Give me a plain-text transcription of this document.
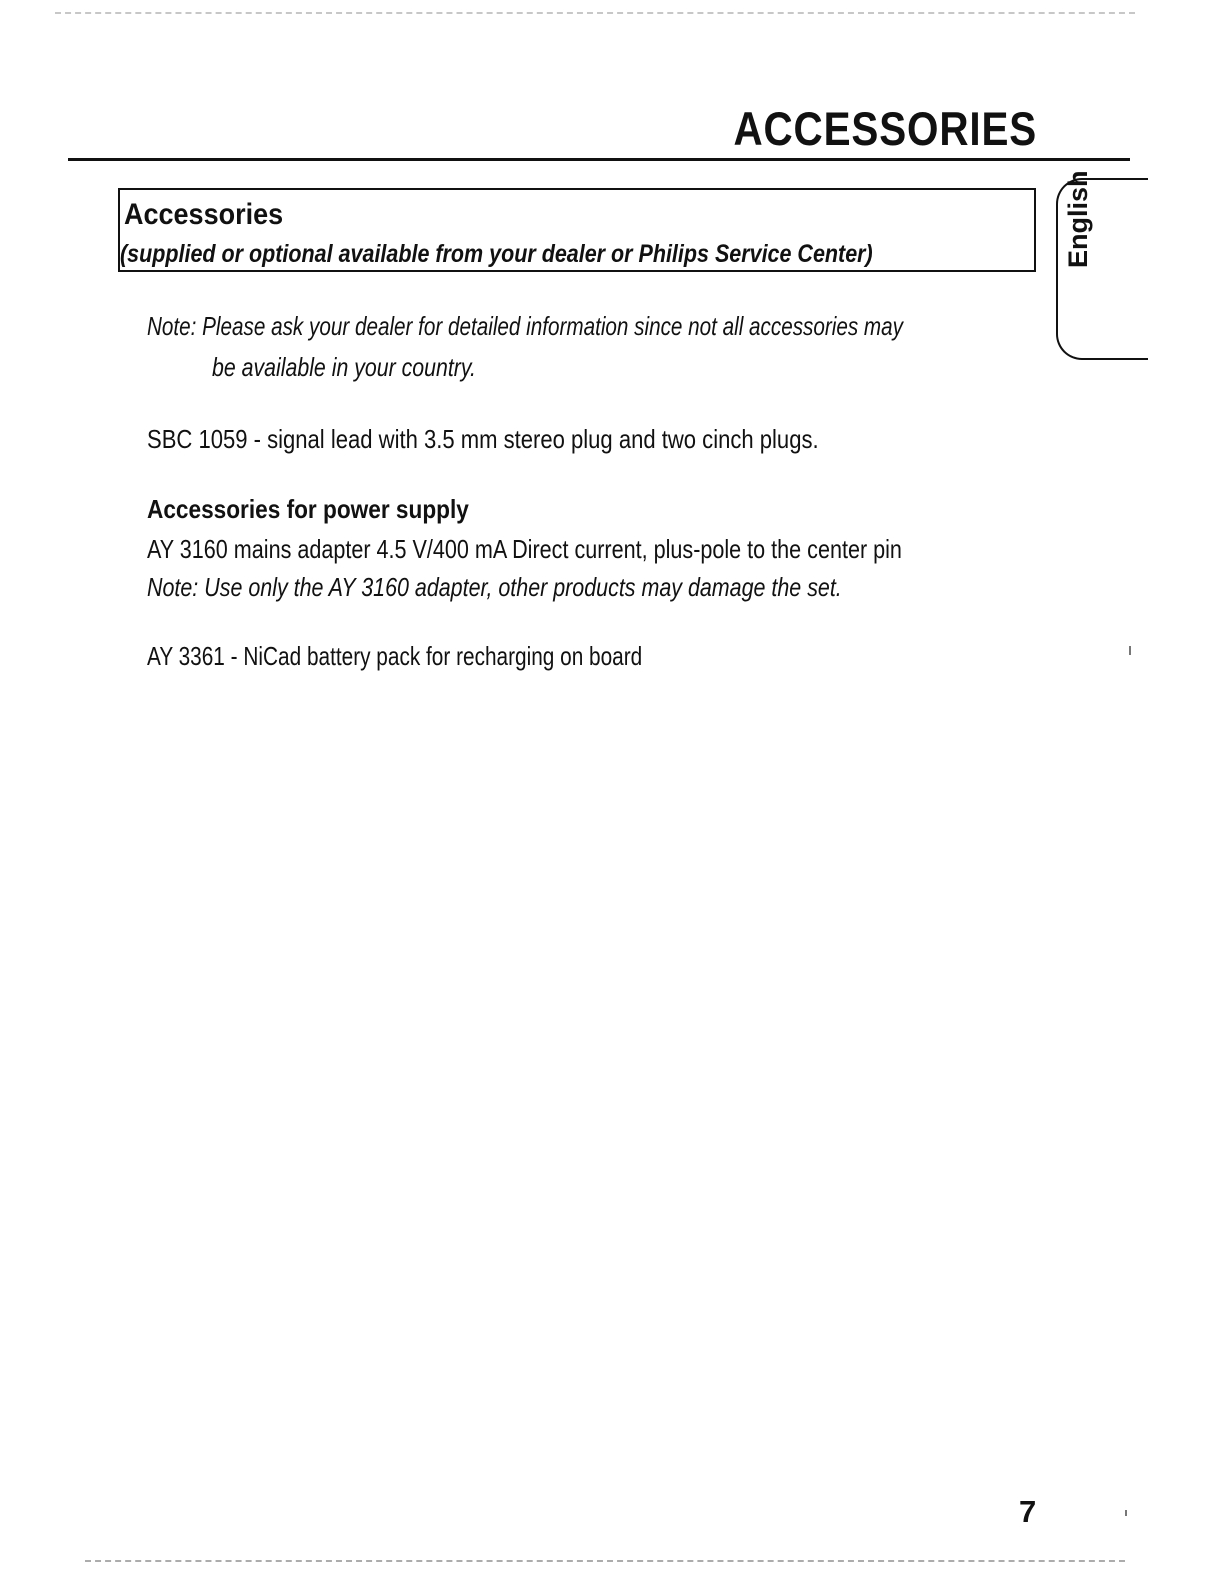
ACCESSORIES
Accessories
(supplied or optional available from your dealer or Philips Service Center)	English
Note: Please ask your dealer for detailed information since not all accessories may
be available in your country.
SBC 1059 - signal lead with 3.5 mm stereo plug and two cinch plugs.
Accessories for power supply
AY 3160 mains adapter 4.5 V/400 mA Direct current, plus-pole to the center pin
Note: Use only the AY 3160 adapter, other products may damage the set.
AY 3361 - NiCad battery pack for recharging on board
7
